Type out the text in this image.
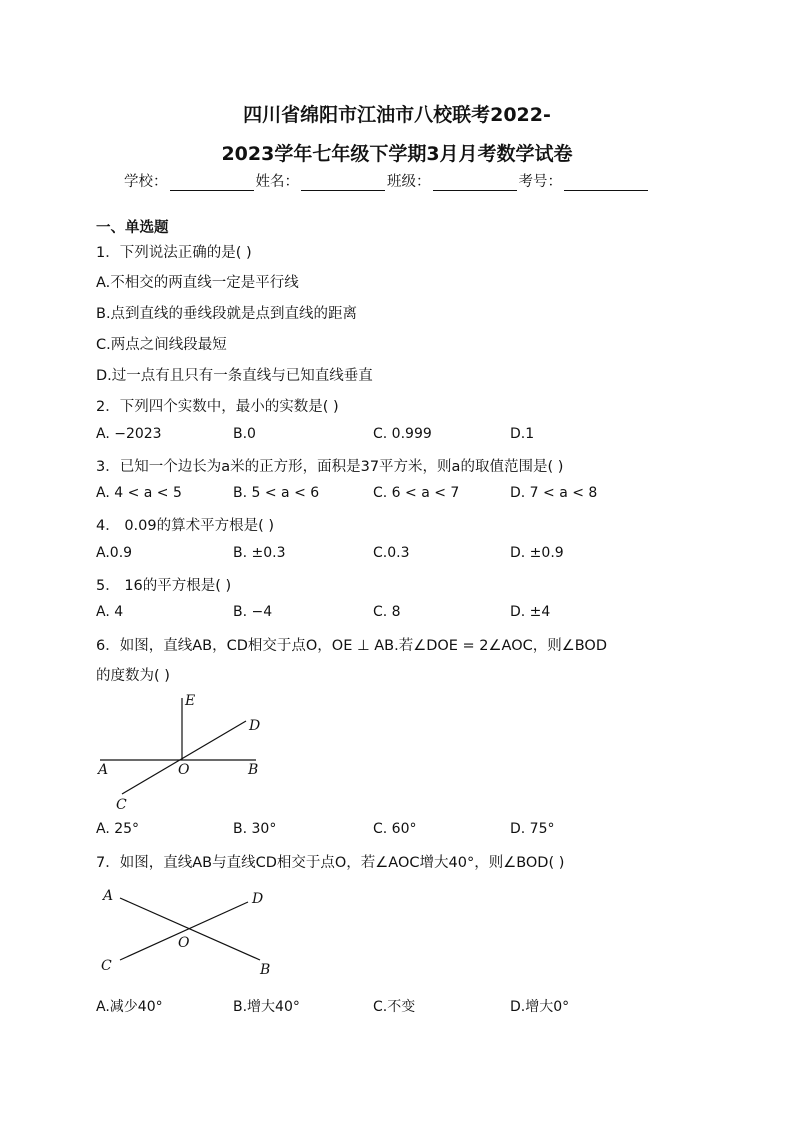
四川省绵阳市江油市八校联考2022-
2023学年七年级下学期3月月考数学试卷
学校：	姓名：	班级：	考号：
一、单选题
1．下列说法正确的是( )
A.不相交的两直线一定是平行线
B.点到直线的垂线段就是点到直线的距离
C.两点之间线段最短
D.过一点有且只有一条直线与已知直线垂直
2．下列四个实数中，最小的实数是( )
A. −2023	B.0	C. 0.999	D.1
3．已知一个边长为a米的正方形，面积是37平方米，则a的取值范围是( )
A. 4 < a < 5	B. 5 < a < 6	C. 6 < a < 7	D. 7 < a < 8
4． 0.09的算术平方根是( )
A.0.9	B. ±0.3	C.0.3	D. ±0.9
5． 16的平方根是( )
A. 4	B. −4	C. 8	D. ±4
6．如图，直线AB，CD相交于点O，OE ⊥ AB.若∠DOE = 2∠AOC，则∠BOD
的度数为( )
E
D
A	O	B
C
A. 25°	B. 30°	C. 60°	D. 75°
7．如图，直线AB与直线CD相交于点O，若∠AOC增大40°，则∠BOD( )
A	D
O
C	B
A.减少40°	B.增大40°	C.不变	D.增大0°
